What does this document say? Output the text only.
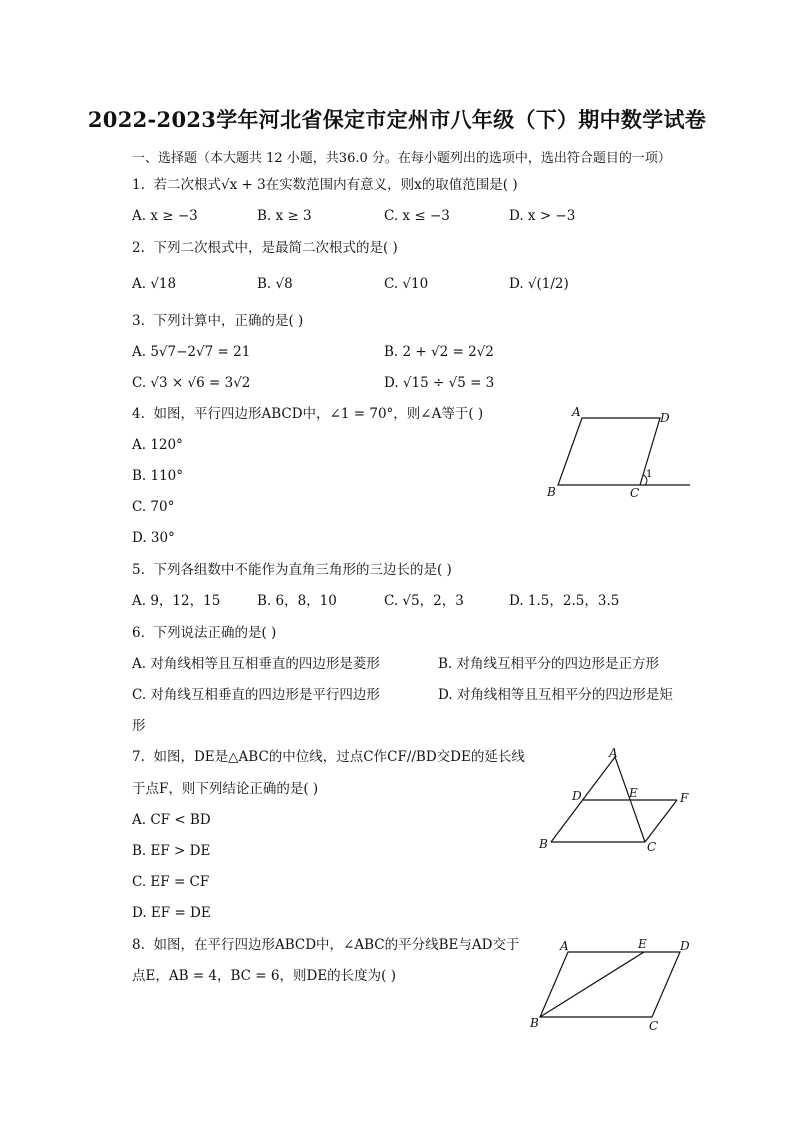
2022-2023学年河北省保定市定州市八年级（下）期中数学试卷
一、选择题（本大题共 12 小题，共36.0 分。在每小题列出的选项中，选出符合题目的一项）
1. 若二次根式√x + 3在实数范围内有意义，则x的取值范围是( )
A. x ≥ −3	B. x ≥ 3	C. x ≤ −3	D. x > −3
2. 下列二次根式中，是最简二次根式的是( )
A. √18	B. √8	C. √10	D. √(1/2)
3. 下列计算中，正确的是( )
A. 5√7−2√7 = 21	B. 2 + √2 = 2√2
C. √3 × √6 = 3√2	D. √15 ÷ √5 = 3
4. 如图，平行四边形ABCD中，∠1 = 70°，则∠A等于( )
A. 120°
B. 110°
C. 70°
D. 30°
A	D
B	C
1
5. 下列各组数中不能作为直角三角形的三边长的是( )
A. 9，12，15	B. 6，8，10	C. √5，2，3	D. 1.5，2.5，3.5
6. 下列说法正确的是( )
A. 对角线相等且互相垂直的四边形是菱形	B. 对角线互相平分的四边形是正方形
C. 对角线互相垂直的四边形是平行四边形	D. 对角线相等且互相平分的四边形是矩
形
7. 如图，DE是△ABC的中位线，过点C作CF//BD交DE的延长线
于点F，则下列结论正确的是( )
A. CF < BD
B. EF > DE
C. EF = CF
D. EF = DE
A
D	E	F
B	C
8. 如图，在平行四边形ABCD中，∠ABC的平分线BE与AD交于
点E，AB = 4，BC = 6，则DE的长度为( )
A	E	D
B	C
